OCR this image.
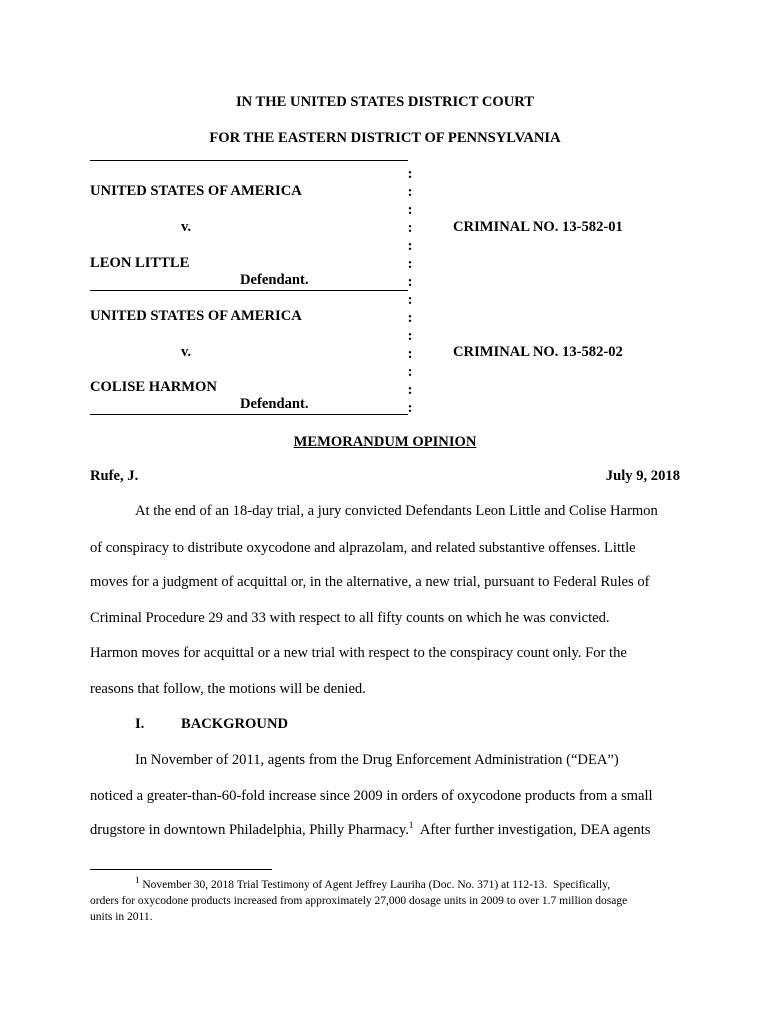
IN THE UNITED STATES DISTRICT COURT
FOR THE EASTERN DISTRICT OF PENNSYLVANIA
:
:
:
:
:
:
:
:
:
:
:
:
:
:
UNITED STATES OF AMERICA
v.	CRIMINAL NO. 13-582-01
LEON LITTLE
Defendant.
UNITED STATES OF AMERICA
v.	CRIMINAL NO. 13-582-02
COLISE HARMON
Defendant.
MEMORANDUM OPINION
Rufe, J.	July 9, 2018
At the end of an 18-day trial, a jury convicted Defendants Leon Little and Colise Harmon
of conspiracy to distribute oxycodone and alprazolam, and related substantive offenses. Little
moves for a judgment of acquittal or, in the alternative, a new trial, pursuant to Federal Rules of
Criminal Procedure 29 and 33 with respect to all fifty counts on which he was convicted.
Harmon moves for acquittal or a new trial with respect to the conspiracy count only. For the
reasons that follow, the motions will be denied.
I.	BACKGROUND
In November of 2011, agents from the Drug Enforcement Administration (“DEA”)
noticed a greater-than-60-fold increase since 2009 in orders of oxycodone products from a small
drugstore in downtown Philadelphia, Philly Pharmacy.$^1$  After further investigation, DEA agents
$^1$ November 30, 2018 Trial Testimony of Agent Jeffrey Lauriha (Doc. No. 371) at 112-13.  Specifically,
orders for oxycodone products increased from approximately 27,000 dosage units in 2009 to over 1.7 million dosage
units in 2011.
